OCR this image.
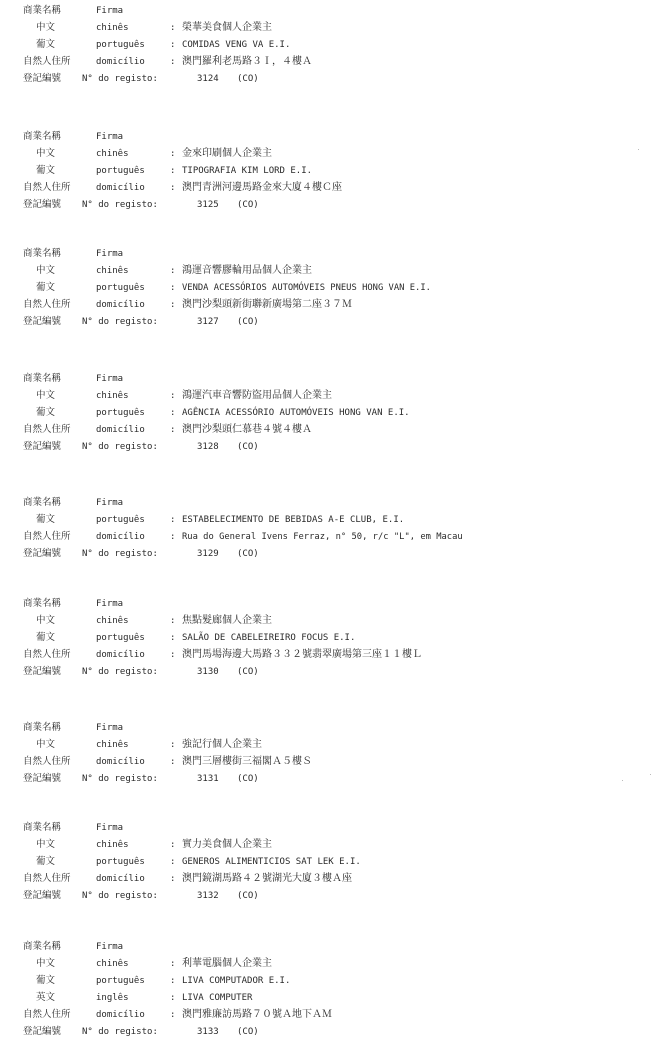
商業名稱	Firma
中文	chinês	: 榮華美食個人企業主
葡文	português	: COMIDAS VENG VA E.I.
自然人住所	domicílio	: 澳門羅利老馬路３Ｉ，４樓Ａ
登記編號 N° do registo:	3124 (CO)
商業名稱	Firma
中文	chinês	: 金來印刷個人企業主
葡文	português	: TIPOGRAFIA KIM LORD E.I.
自然人住所	domicílio	: 澳門青洲河邊馬路金來大廈４樓Ｃ座
登記編號 N° do registo:	3125 (CO)
商業名稱	Firma
中文	chinês	: 鴻運音響膠輪用品個人企業主
葡文	português	: VENDA ACESSÓRIOS AUTOMÓVEIS PNEUS HONG VAN E.I.
自然人住所	domicílio	: 澳門沙梨頭新街聯新廣場第二座３７Ｍ
登記編號 N° do registo:	3127 (CO)
商業名稱	Firma
中文	chinês	: 鴻運汽車音響防盜用品個人企業主
葡文	português	: AGÊNCIA ACESSÓRIO AUTOMÓVEIS HONG VAN E.I.
自然人住所	domicílio	: 澳門沙梨頭仁慕巷４號４樓Ａ
登記編號 N° do registo:	3128 (CO)
商業名稱	Firma
葡文	português	: ESTABELECIMENTO DE BEBIDAS A-E CLUB, E.I.
自然人住所	domicílio	: Rua do General Ivens Ferraz, n° 50, r/c "L", em Macau
登記編號 N° do registo:	3129 (CO)
商業名稱	Firma
中文	chinês	: 焦點髮廊個人企業主
葡文	português	: SALÃO DE CABELEIREIRO FOCUS E.I.
自然人住所	domicílio	: 澳門馬場海邊大馬路３３２號翡翠廣場第三座１１樓Ｌ
登記編號 N° do registo:	3130 (CO)
商業名稱	Firma
中文	chinês	: 強記行個人企業主
自然人住所	domicílio	: 澳門三層樓街三福閣Ａ５樓Ｓ
登記編號 N° do registo:	3131 (CO)
商業名稱	Firma
中文	chinês	: 實力美食個人企業主
葡文	português	: GENEROS ALIMENTICIOS SAT LEK E.I.
自然人住所	domicílio	: 澳門鏡湖馬路４２號湖光大廈３樓Ａ座
登記編號 N° do registo:	3132 (CO)
商業名稱	Firma
中文	chinês	: 利華電腦個人企業主
葡文	português	: LIVA COMPUTADOR E.I.
英文	inglês	: LIVA COMPUTER
自然人住所	domicílio	: 澳門雅廉訪馬路７０號Ａ地下ＡＭ
登記編號 N° do registo:	3133 (CO)
